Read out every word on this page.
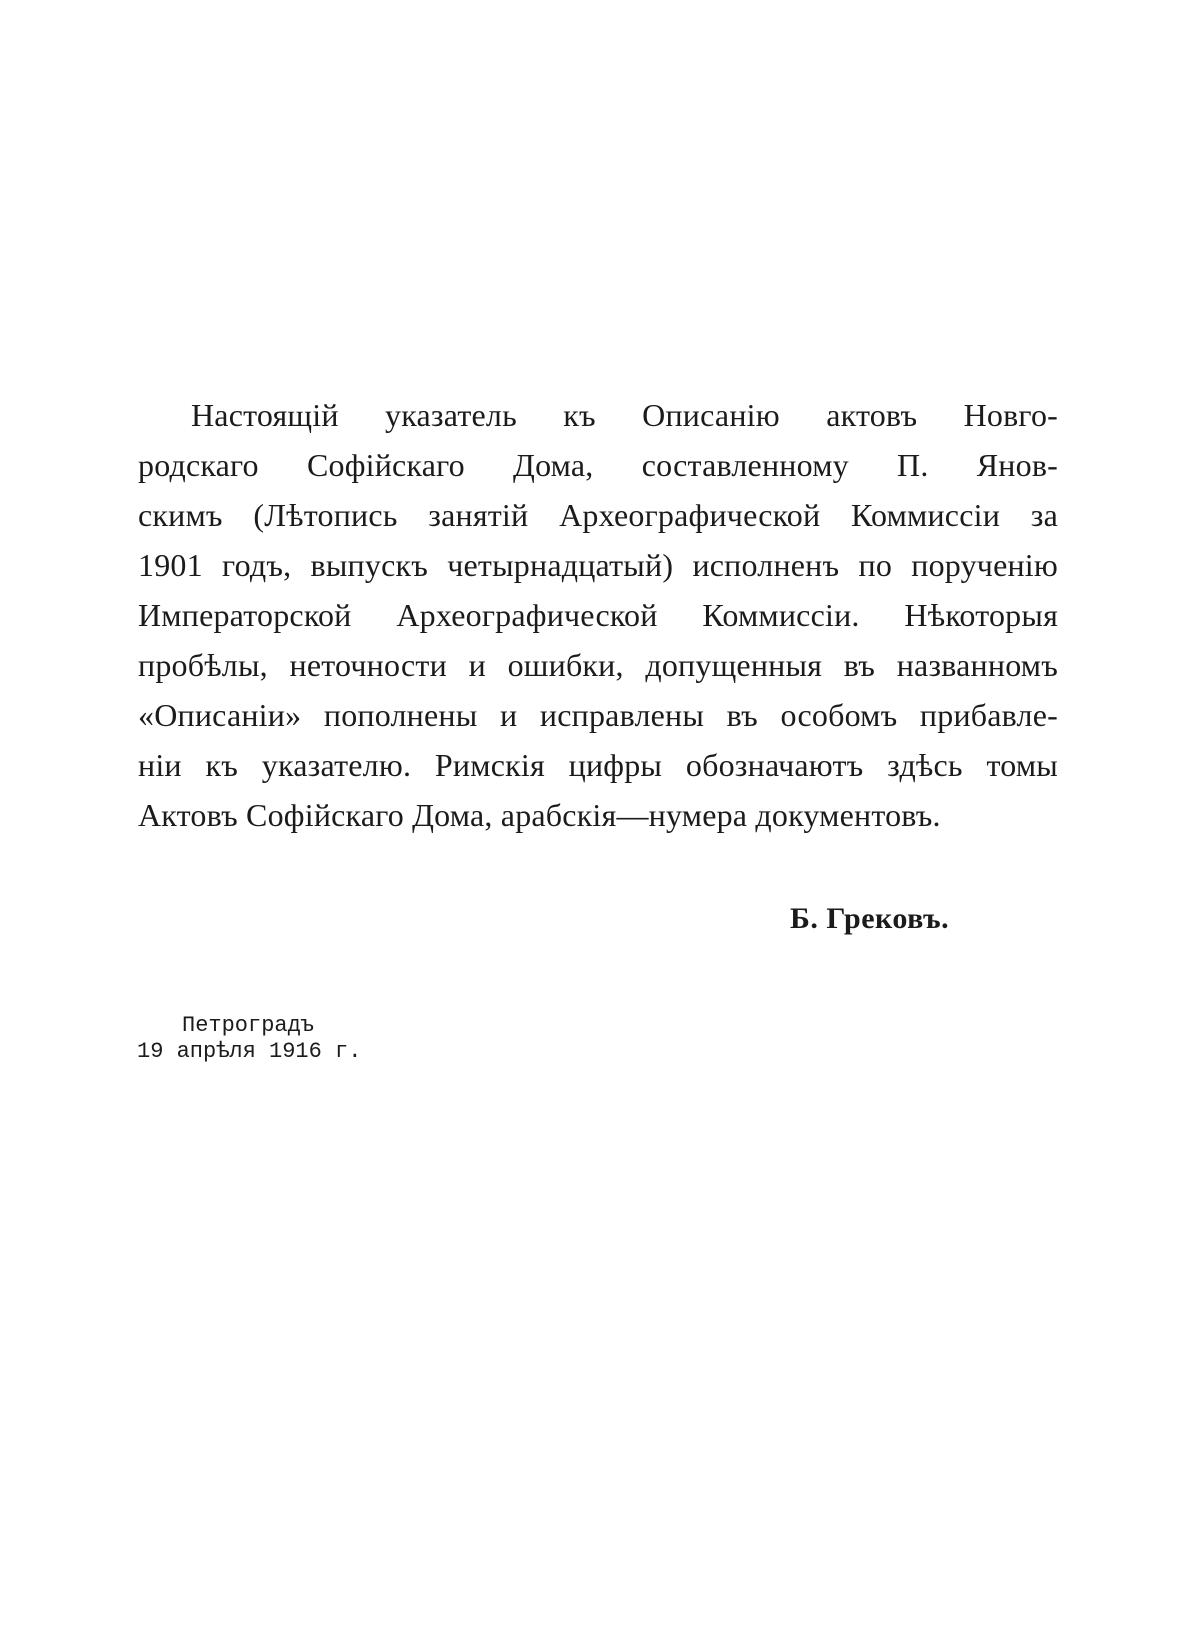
Настоящій указатель къ Описанію актовъ Новго-
родскаго Софійскаго Дома, составленному П. Янов-
скимъ (Лѣтопись занятій Археографической Коммиссіи за
1901 годъ, выпускъ четырнадцатый) исполненъ по порученію
Императорской Археографической Коммиссіи. Нѣкоторыя
пробѣлы, неточности и ошибки, допущенныя въ названномъ
«Описаніи» пополнены и исправлены въ особомъ прибавле-
ніи къ указателю. Римскія цифры обозначаютъ здѣсь томы
Актовъ Софійскаго Дома, арабскія—нумера документовъ.
Б. Грековъ.
Петроградъ
19 апрѣля 1916 г.
